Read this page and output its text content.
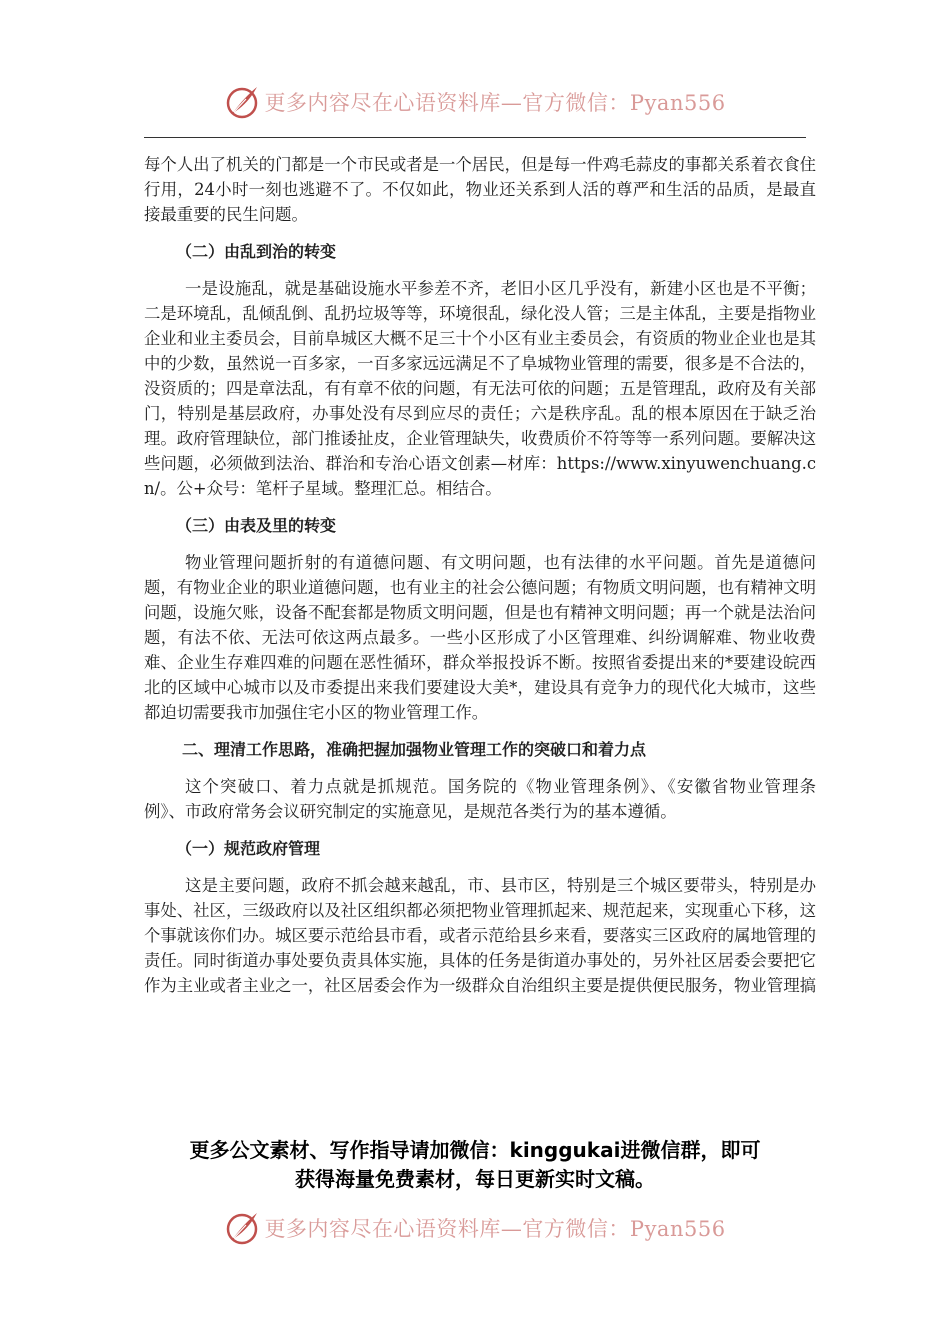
更多内容尽在心语资料库—官方微信：Pyan556

每个人出了机关的门都是一个市民或者是一个居民，但是每一件鸡毛蒜皮的事都关系着衣食住行用，24小时一刻也逃避不了。不仅如此，物业还关系到人活的尊严和生活的品质，是最直接最重要的民生问题。

（二）由乱到治的转变

一是设施乱，就是基础设施水平参差不齐，老旧小区几乎没有，新建小区也是不平衡；二是环境乱，乱倾乱倒、乱扔垃圾等等，环境很乱，绿化没人管；三是主体乱，主要是指物业企业和业主委员会，目前阜城区大概不足三十个小区有业主委员会，有资质的物业企业也是其中的少数，虽然说一百多家，一百多家远远满足不了阜城物业管理的需要，很多是不合法的，没资质的；四是章法乱，有有章不依的问题，有无法可依的问题；五是管理乱，政府及有关部门，特别是基层政府，办事处没有尽到应尽的责任；六是秩序乱。乱的根本原因在于缺乏治理。政府管理缺位，部门推诿扯皮，企业管理缺失，收费质价不符等等一系列问题。要解决这些问题，必须做到法治、群治和专治心语文创素—材库：https://www.xinyuwenchuang.cn/。公+众号：笔杆子星域。整理汇总。相结合。

（三）由表及里的转变

物业管理问题折射的有道德问题、有文明问题，也有法律的水平问题。首先是道德问题，有物业企业的职业道德问题，也有业主的社会公德问题；有物质文明问题，也有精神文明问题，设施欠账，设备不配套都是物质文明问题，但是也有精神文明问题；再一个就是法治问题，有法不依、无法可依这两点最多。一些小区形成了小区管理难、纠纷调解难、物业收费难、企业生存难四难的问题在恶性循环，群众举报投诉不断。按照省委提出来的*要建设皖西北的区域中心城市以及市委提出来我们要建设大美*，建设具有竞争力的现代化大城市，这些都迫切需要我市加强住宅小区的物业管理工作。

二、理清工作思路，准确把握加强物业管理工作的突破口和着力点

这个突破口、着力点就是抓规范。国务院的《物业管理条例》、《安徽省物业管理条例》、市政府常务会议研究制定的实施意见，是规范各类行为的基本遵循。

（一）规范政府管理

这是主要问题，政府不抓会越来越乱，市、县市区，特别是三个城区要带头，特别是办事处、社区，三级政府以及社区组织都必须把物业管理抓起来、规范起来，实现重心下移，这个事就该你们办。城区要示范给县市看，或者示范给县乡来看，要落实三区政府的属地管理的责任。同时街道办事处要负责具体实施，具体的任务是街道办事处的，另外社区居委会要把它作为主业或者主业之一，社区居委会作为一级群众自治组织主要是提供便民服务，物业管理搞

更多公文素材、写作指导请加微信：kinggukai进微信群，即可
获得海量免费素材，每日更新实时文稿。
更多内容尽在心语资料库—官方微信：Pyan556
